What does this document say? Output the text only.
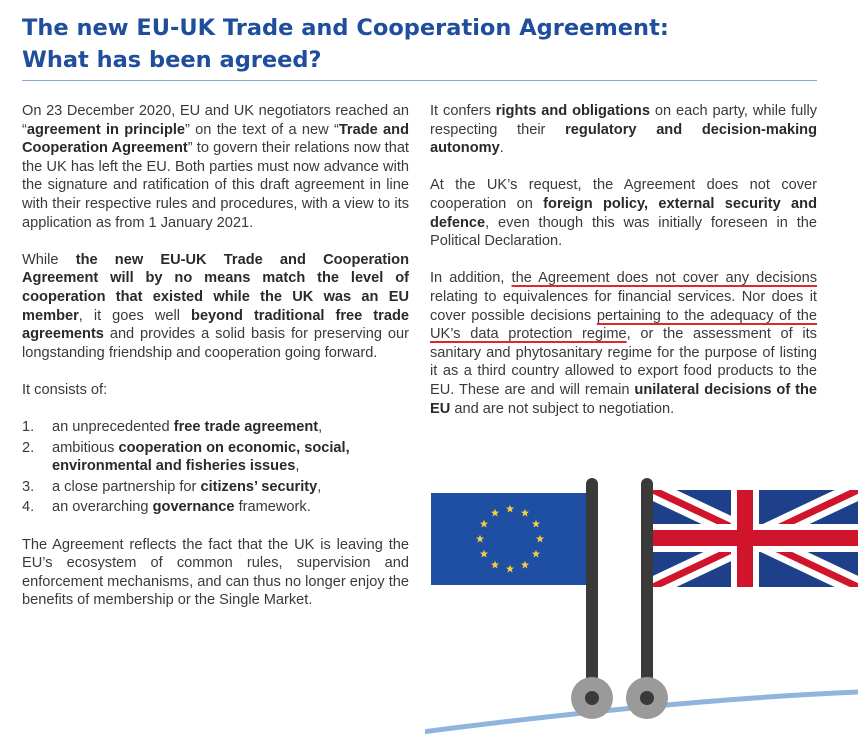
The new EU-UK Trade and Cooperation Agreement:
What has been agreed?

On 23 December 2020, EU and UK negotiators reached an “agreement in principle” on the text of a new “Trade and Cooperation Agreement” to govern their relations now that the UK has left the EU. Both parties must now advance with the signature and ratification of this draft agreement in line with their respective rules and procedures, with a view to its application as from 1 January 2021.

While the new EU-UK Trade and Cooperation Agreement will by no means match the level of cooperation that existed while the UK was an EU member, it goes well beyond traditional free trade agreements and provides a solid basis for preserving our longstanding friendship and cooperation going forward.

It consists of:

1. an unprecedented free trade agreement,
2. ambitious cooperation on economic, social, environmental and fisheries issues,
3. a close partnership for citizens’ security,
4. an overarching governance framework.

The Agreement reflects the fact that the UK is leaving the EU’s ecosystem of common rules, supervision and enforcement mechanisms, and can thus no longer enjoy the benefits of membership or the Single Market.

It confers rights and obligations on each party, while fully respecting their regulatory and decision-making autonomy.

At the UK’s request, the Agreement does not cover cooperation on foreign policy, external security and defence, even though this was initially foreseen in the Political Declaration.

In addition, the Agreement does not cover any decisions relating to equivalences for financial services. Nor does it cover possible decisions pertaining to the adequacy of the UK’s data protection regime, or the assessment of its sanitary and phytosanitary regime for the purpose of listing it as a third country allowed to export food products to the EU. These are and will remain unilateral decisions of the EU and are not subject to negotiation.
